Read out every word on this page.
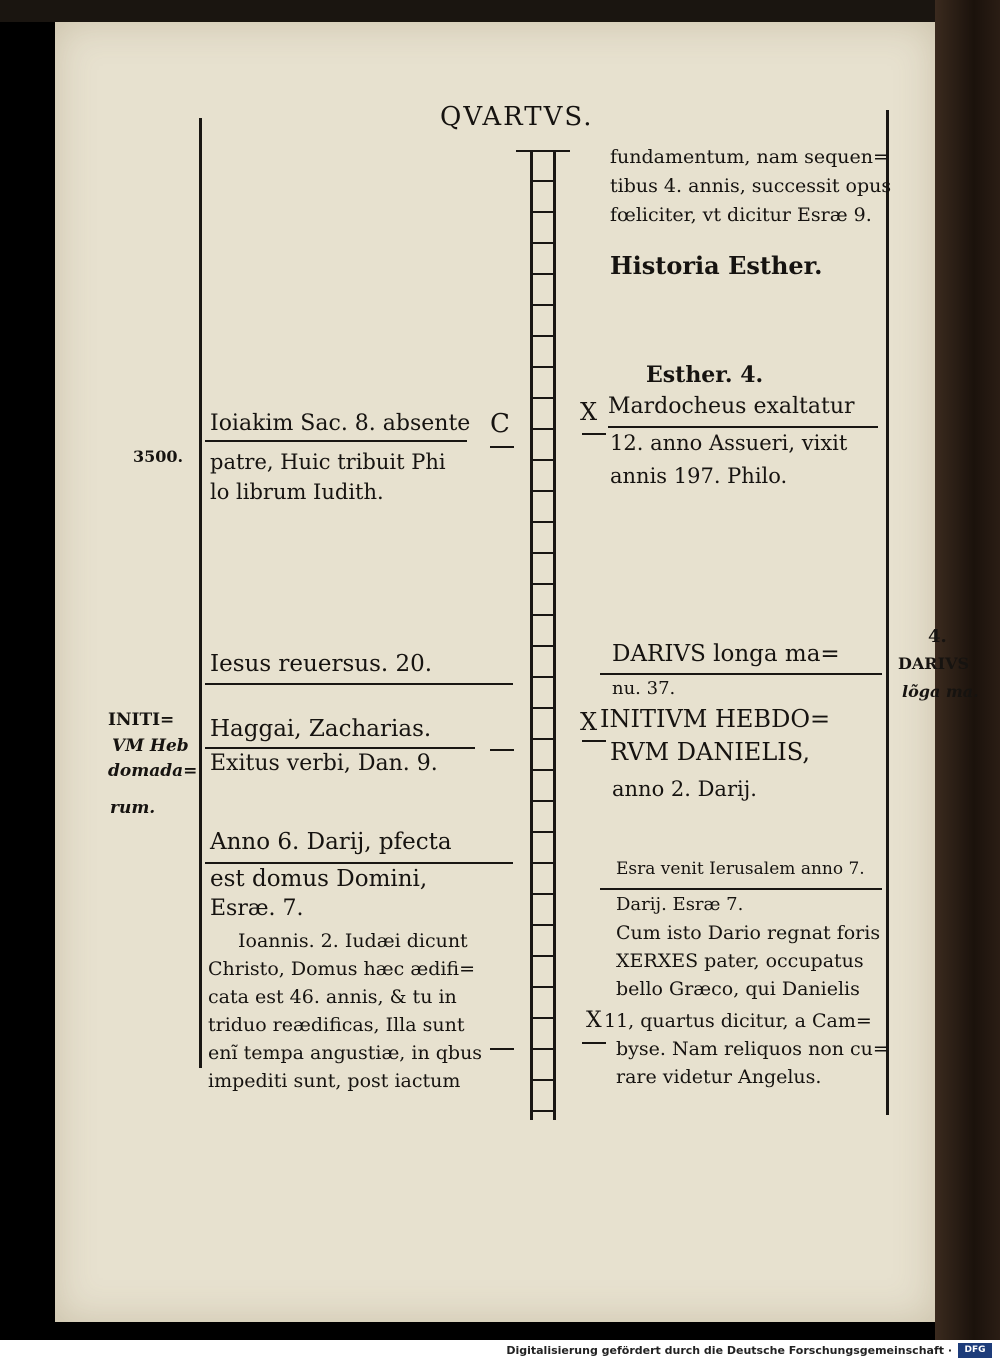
QVARTVS.
3500.
INITI=
VM Heb
domada=
rum.
4.
DARIVS
lõga ma.
Ioiakim Sac. 8. absente C
patre, Huic tribuit Phi
lo librum Iudith.
Iesus reuersus. 20.
Haggai, Zacharias.
Exitus verbi, Dan. 9.
Anno 6. Darij, pfecta
est domus Domini,
Esræ. 7.
Ioannis. 2. Iudæi dicunt
Christo, Domus hæc ædifi=
cata est 46. annis, & tu in
triduo reædificas, Illa sunt
enĩ tempa angustiæ, in qbus
impediti sunt, post iactum
fundamentum, nam sequen=
tibus 4. annis, successit opus
fœliciter, vt dicitur Esræ 9.
Historia Esther.
Esther. 4.
X Mardocheus exaltatur
12. anno Assueri, vixit
annis 197. Philo.
DARIVS longa ma=
nu. 37.
X INITIVM HEBDO=
RVM DANIELIS,
anno 2. Darij.
Esra venit Ierusalem anno 7.
Darij. Esræ 7.
Cum isto Dario regnat foris
XERXES pater, occupatus
bello Græco, qui Danielis
X 11, quartus dicitur, a Cam=
byse. Nam reliquos non cu=
rare videtur Angelus.
Digitalisierung gefördert durch die Deutsche Forschungsgemeinschaft ·	DFG
